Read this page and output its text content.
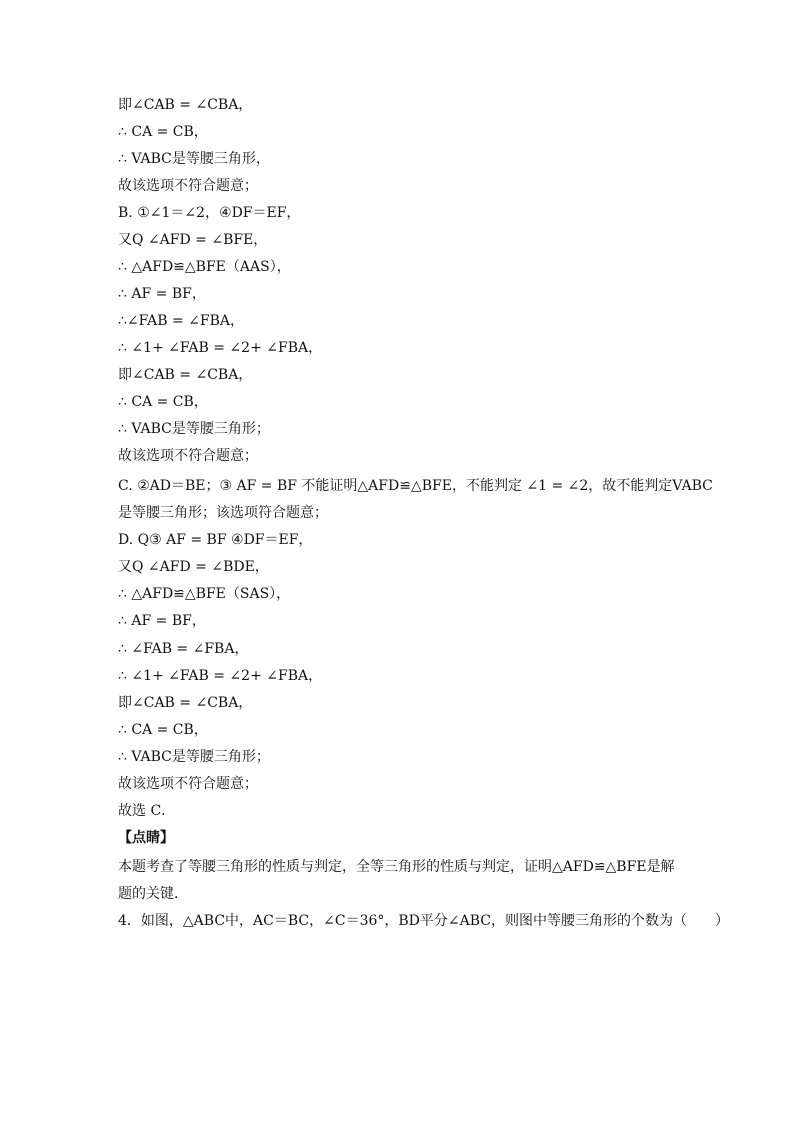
即∠CAB = ∠CBA，
∴ CA = CB，
∴ VABC是等腰三角形，
故该选项不符合题意；
B. ①∠1＝∠2，④DF＝EF，
又Q ∠AFD = ∠BFE，
∴ △AFD≌△BFE（AAS），
∴ AF = BF，
∴∠FAB = ∠FBA，
∴ ∠1+ ∠FAB = ∠2+ ∠FBA，
即∠CAB = ∠CBA，
∴ CA = CB，
∴ VABC是等腰三角形；
故该选项不符合题意；
C. ②AD＝BE；③ AF = BF 不能证明△AFD≌△BFE，不能判定 ∠1 = ∠2，故不能判定VABC
是等腰三角形；该选项符合题意；
D. Q③ AF = BF ④DF＝EF，
又Q ∠AFD = ∠BDE，
∴ △AFD≌△BFE（SAS），
∴ AF = BF，
∴ ∠FAB = ∠FBA，
∴ ∠1+ ∠FAB = ∠2+ ∠FBA，
即∠CAB = ∠CBA，
∴ CA = CB，
∴ VABC是等腰三角形；
故该选项不符合题意；
故选 C．
【点睛】
本题考查了等腰三角形的性质与判定，全等三角形的性质与判定，证明△AFD≌△BFE是解
题的关键．
4．如图，△ABC中，AC＝BC，∠C＝36°，BD平分∠ABC，则图中等腰三角形的个数为（　　）
